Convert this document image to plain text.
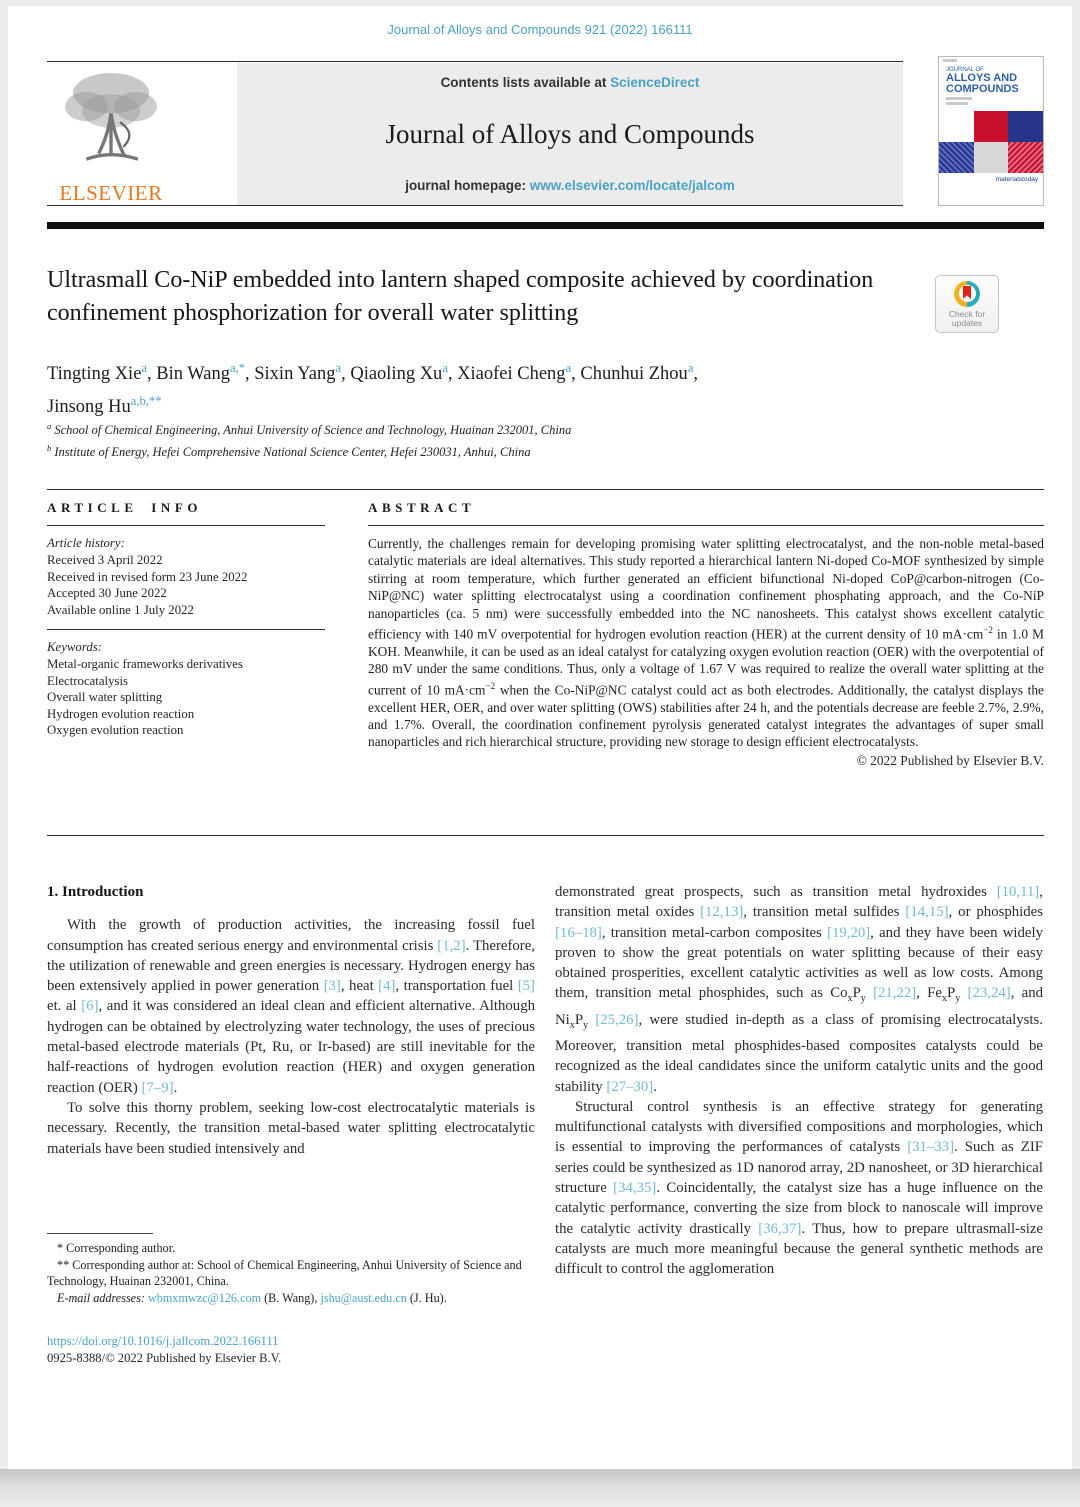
Journal of Alloys and Compounds 921 (2022) 166111
ELSEVIER
Contents lists available at ScienceDirect
Journal of Alloys and Compounds
journal homepage: www.elsevier.com/locate/jalcom
JOURNAL OF
ALLOYS AND
COMPOUNDS
materialstoday
Ultrasmall Co-NiP embedded into lantern shaped composite achieved by coordination confinement phosphorization for overall water splitting	Check for
updates
Tingting Xie$^a$, Bin Wang$^{a,*}$, Sixin Yang$^a$, Qiaoling Xu$^a$, Xiaofei Cheng$^a$, Chunhui Zhou$^a$,
Jinsong $Hu^{a,b,**}$
$^a$ School of Chemical Engineering, Anhui University of Science and Technology, Huainan 232001, China
$^b$ Institute of Energy, Hefei Comprehensive National Science Center, Hefei 230031, Anhui, China
ARTICLE INFO
Article history:
Received 3 April 2022
Received in revised form 23 June 2022
Accepted 30 June 2022
Available online 1 July 2022
Keywords:
Metal-organic frameworks derivatives
Electrocatalysis
Overall water splitting
Hydrogen evolution reaction
Oxygen evolution reaction
ABSTRACT
Currently, the challenges remain for developing promising water splitting electrocatalyst, and the non-noble metal-based catalytic materials are ideal alternatives. This study reported a hierarchical lantern Ni-doped Co-MOF synthesized by simple stirring at room temperature, which further generated an efficient bifunctional Ni-doped CoP@carbon-nitrogen (Co-NiP@NC) water splitting electrocatalyst using a coordination confinement phosphating approach, and the Co-NiP nanoparticles (ca. 5 nm) were successfully embedded into the NC nanosheets. This catalyst shows excellent catalytic efficiency with 140 mV overpotential for hydrogen evolution reaction (HER) at the current density of 10 $mA\cdot cm^{-2}$ in 1.0 M KOH. Meanwhile, it can be used as an ideal catalyst for catalyzing oxygen evolution reaction (OER) with the overpotential of 280 mV under the same conditions. Thus, only a voltage of 1.67 V was required to realize the overall water splitting at the current of 10 $mA\cdot cm^{-2}$ when the Co-NiP@NC catalyst could act as both electrodes. Additionally, the catalyst displays the excellent HER, OER, and over water splitting (OWS) stabilities after 24 h, and the potentials decrease are feeble 2.7%, 2.9%, and 1.7%. Overall, the coordination confinement pyrolysis generated catalyst integrates the advantages of super small nanoparticles and rich hierarchical structure, providing new storage to design efficient electrocatalysts.
© 2022 Published by Elsevier B.V.
1. Introduction

With the growth of production activities, the increasing fossil fuel consumption has created serious energy and environmental crisis [1,2]. Therefore, the utilization of renewable and green energies is necessary. Hydrogen energy has been extensively applied in power generation [3], heat [4], transportation fuel [5] et. al [6], and it was considered an ideal clean and efficient alternative. Although hydrogen can be obtained by electrolyzing water technology, the uses of precious metal-based electrode materials (Pt, Ru, or Ir-based) are still inevitable for the half-reactions of hydrogen evolution reaction (HER) and oxygen generation reaction (OER) [7–9].

To solve this thorny problem, seeking low-cost electrocatalytic materials is necessary. Recently, the transition metal-based water splitting electrocatalytic materials have been studied intensively and

demonstrated great prospects, such as transition metal hydroxides [10,11], transition metal oxides [12,13], transition metal sulfides [14,15], or phosphides [16–18], transition metal-carbon composites [19,20], and they have been widely proven to show the great potentials on water splitting because of their easy obtained prosperities, excellent catalytic activities as well as low costs. Among them, transition metal phosphides, such as $Co_xP_y$ [21,22], $Fe_xP_y$ [23,24], and $Ni_xP_y$ [25,26], were studied in-depth as a class of promising electrocatalysts. Moreover, transition metal phosphides-based composites catalysts could be recognized as the ideal candidates since the uniform catalytic units and the good stability [27–30].

Structural control synthesis is an effective strategy for generating multifunctional catalysts with diversified compositions and morphologies, which is essential to improving the performances of catalysts [31–33]. Such as ZIF series could be synthesized as 1D nanorod array, 2D nanosheet, or 3D hierarchical structure [34,35]. Coincidentally, the catalyst size has a huge influence on the catalytic performance, converting the size from block to nanoscale will improve the catalytic activity drastically [36,37]. Thus, how to prepare ultrasmall-size catalysts are much more meaningful because the general synthetic methods are difficult to control the agglomeration

* Corresponding author.
** Corresponding author at: School of Chemical Engineering, Anhui University of Science and Technology, Huainan 232001, China.
E-mail addresses: wbmxmwzc@126.com (B. Wang), jshu@aust.edu.cn (J. Hu).
https://doi.org/10.1016/j.jallcom.2022.166111
0925-8388/© 2022 Published by Elsevier B.V.
